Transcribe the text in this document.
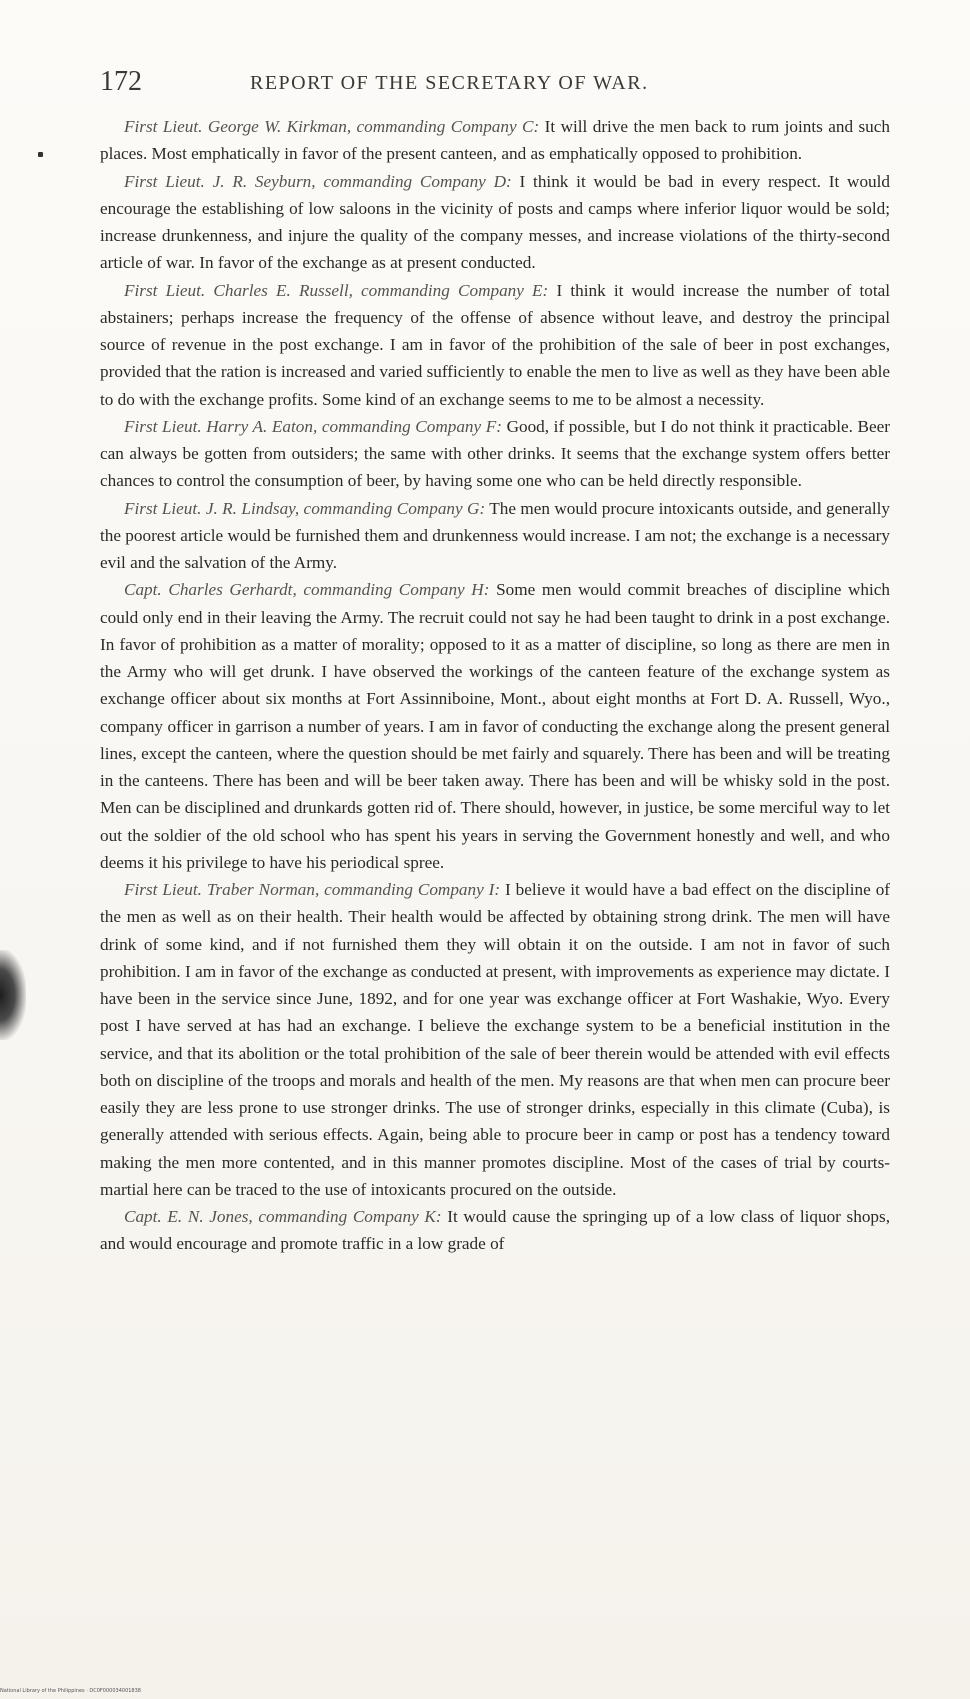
172	REPORT OF THE SECRETARY OF WAR.

First Lieut. George W. Kirkman, commanding Company C: It will drive the men back to rum joints and such places. Most emphatically in favor of the present canteen, and as emphatically opposed to prohibition.

First Lieut. J. R. Seyburn, commanding Company D: I think it would be bad in every respect. It would encourage the establishing of low saloons in the vicinity of posts and camps where inferior liquor would be sold; increase drunkenness, and injure the quality of the company messes, and increase violations of the thirty-second article of war. In favor of the exchange as at present conducted.

First Lieut. Charles E. Russell, commanding Company E: I think it would increase the number of total abstainers; perhaps increase the frequency of the offense of absence without leave, and destroy the principal source of revenue in the post exchange. I am in favor of the prohibition of the sale of beer in post exchanges, provided that the ration is increased and varied sufficiently to enable the men to live as well as they have been able to do with the exchange profits. Some kind of an exchange seems to me to be almost a necessity.

First Lieut. Harry A. Eaton, commanding Company F: Good, if possible, but I do not think it practicable. Beer can always be gotten from outsiders; the same with other drinks. It seems that the exchange system offers better chances to control the consumption of beer, by having some one who can be held directly responsible.

First Lieut. J. R. Lindsay, commanding Company G: The men would procure intoxicants outside, and generally the poorest article would be furnished them and drunkenness would increase. I am not; the exchange is a necessary evil and the salvation of the Army.

Capt. Charles Gerhardt, commanding Company H: Some men would commit breaches of discipline which could only end in their leaving the Army. The recruit could not say he had been taught to drink in a post exchange. In favor of prohibition as a matter of morality; opposed to it as a matter of discipline, so long as there are men in the Army who will get drunk. I have observed the workings of the canteen feature of the exchange system as exchange officer about six months at Fort Assinniboine, Mont., about eight months at Fort D. A. Russell, Wyo., company officer in garrison a number of years. I am in favor of conducting the exchange along the present general lines, except the canteen, where the question should be met fairly and squarely. There has been and will be treating in the canteens. There has been and will be beer taken away. There has been and will be whisky sold in the post. Men can be disciplined and drunkards gotten rid of. There should, however, in justice, be some merciful way to let out the soldier of the old school who has spent his years in serving the Government honestly and well, and who deems it his privilege to have his periodical spree.

First Lieut. Traber Norman, commanding Company I: I believe it would have a bad effect on the discipline of the men as well as on their health. Their health would be affected by obtaining strong drink. The men will have drink of some kind, and if not furnished them they will obtain it on the outside. I am not in favor of such prohibition. I am in favor of the exchange as conducted at present, with improvements as experience may dictate. I have been in the service since June, 1892, and for one year was exchange officer at Fort Washakie, Wyo. Every post I have served at has had an exchange. I believe the exchange system to be a beneficial institution in the service, and that its abolition or the total prohibition of the sale of beer therein would be attended with evil effects both on discipline of the troops and morals and health of the men. My reasons are that when men can procure beer easily they are less prone to use stronger drinks. The use of stronger drinks, especially in this climate (Cuba), is generally attended with serious effects. Again, being able to procure beer in camp or post has a tendency toward making the men more contented, and in this manner promotes discipline. Most of the cases of trial by courts-martial here can be traced to the use of intoxicants procured on the outside.

Capt. E. N. Jones, commanding Company K: It would cause the springing up of a low class of liquor shops, and would encourage and promote traffic in a low grade of

National Library of the Philippines · DC0F000034001838
